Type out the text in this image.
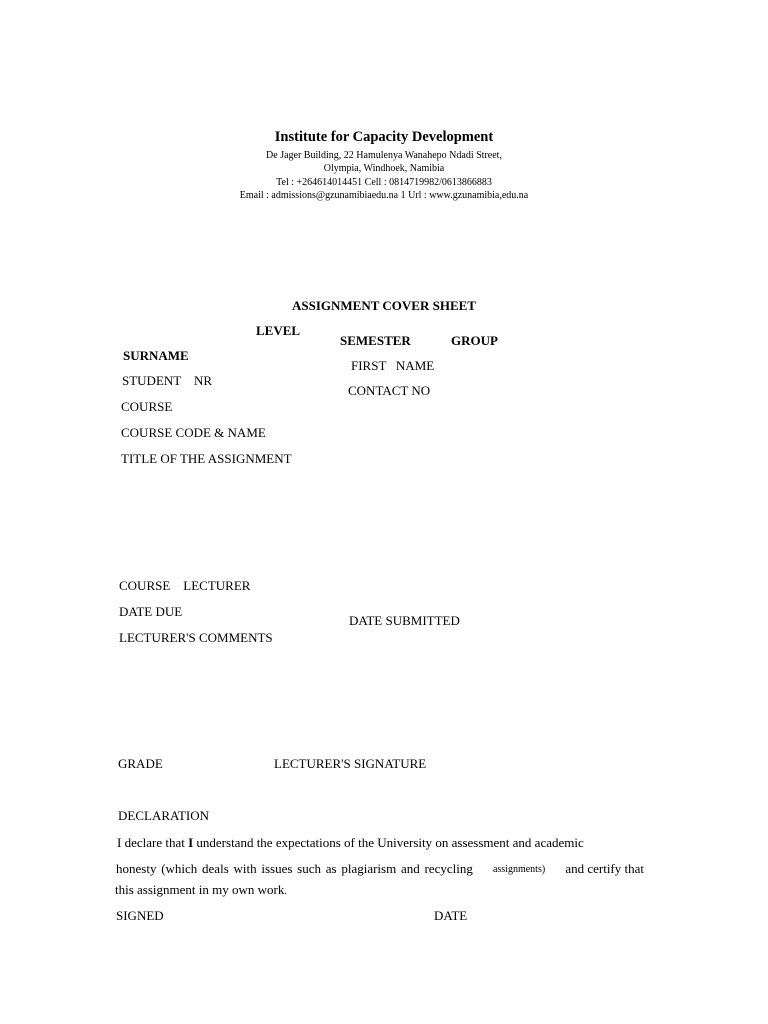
Institute for Capacity Development
De Jager Building, 22 Hamulenya Wanahepo Ndadi Street,
Olympia, Windhoek, Namibia
Tel : +264614014451 Cell : 0814719982/0613866883
Email : admissions@gzunamibiaedu.na 1 Url : www.gzunamibia,edu.na
ASSIGNMENT COVER SHEET
LEVEL
SEMESTER	GROUP
SURNAME
FIRST   NAME
STUDENT    NR
CONTACT NO
COURSE
COURSE CODE & NAME
TITLE OF THE ASSIGNMENT
COURSE    LECTURER
DATE DUE
DATE SUBMITTED
LECTURER'S COMMENTS
GRADE	LECTURER'S SIGNATURE
DECLARATION
I declare that I understand the expectations of the University on assessment and academic
honesty (which deals with issues such as plagiarism and recycling assignments) and certify that
this assignment in my own work.
SIGNED	DATE
